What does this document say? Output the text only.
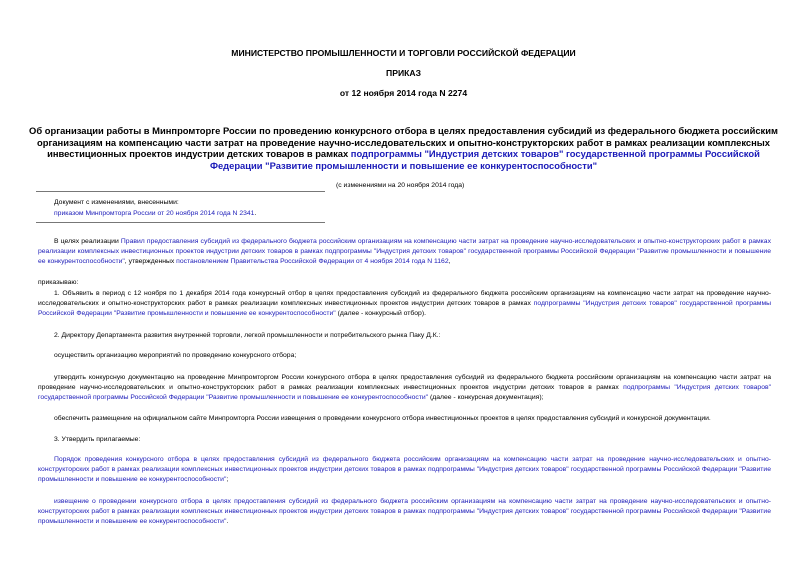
МИНИСТЕРСТВО ПРОМЫШЛЕННОСТИ И ТОРГОВЛИ РОССИЙСКОЙ ФЕДЕРАЦИИ
ПРИКАЗ
от 12 ноября 2014 года N 2274
Об организации работы в Минпромторге России по проведению конкурсного отбора в целях предоставления субсидий из федерального бюджета российским организациям на компенсацию части затрат на проведение научно-исследовательских и опытно-конструкторских работ в рамках реализации комплексных инвестиционных проектов индустрии детских товаров в рамках подпрограммы "Индустрия детских товаров" государственной программы Российской Федерации "Развитие промышленности и повышение ее конкурентоспособности"
(с изменениями на 20 ноября 2014 года)
Документ с изменениями, внесенными:
приказом Минпромторга России от 20 ноября 2014 года N 2341.
В целях реализации Правил предоставления субсидий из федерального бюджета российским организациям на компенсацию части затрат на проведение научно-исследовательских и опытно-конструкторских работ в рамках реализации комплексных инвестиционных проектов индустрии детских товаров в рамках подпрограммы "Индустрия детских товаров" государственной программы Российской Федерации "Развитие промышленности и повышение ее конкурентоспособности", утвержденных постановлением Правительства Российской Федерации от 4 ноября 2014 года N 1162,
приказываю:
1. Объявить в период с 12 ноября по 1 декабря 2014 года конкурсный отбор в целях предоставления субсидий из федерального бюджета российским организациям на компенсацию части затрат на проведение научно-исследовательских и опытно-конструкторских работ в рамках реализации комплексных инвестиционных проектов индустрии детских товаров в рамках подпрограммы "Индустрия детских товаров" государственной программы Российской Федерации "Развитие промышленности и повышение ее конкурентоспособности" (далее - конкурсный отбор).
2. Директору Департамента развития внутренней торговли, легкой промышленности и потребительского рынка Паку Д.К.:
осуществить организацию мероприятий по проведению конкурсного отбора;
утвердить конкурсную документацию на проведение Минпромторгом России конкурсного отбора в целях предоставления субсидий из федерального бюджета российским организациям на компенсацию части затрат на проведение научно-исследовательских и опытно-конструкторских работ в рамках реализации комплексных инвестиционных проектов индустрии детских товаров в рамках подпрограммы "Индустрия детских товаров" государственной программы Российской Федерации "Развитие промышленности и повышение ее конкурентоспособности" (далее - конкурсная документация);
обеспечить размещение на официальном сайте Минпромторга России извещения о проведении конкурсного отбора инвестиционных проектов в целях предоставления субсидий и конкурсной документации.
3. Утвердить прилагаемые:
Порядок проведения конкурсного отбора в целях предоставления субсидий из федерального бюджета российским организациям на компенсацию части затрат на проведение научно-исследовательских и опытно-конструкторских работ в рамках реализации комплексных инвестиционных проектов индустрии детских товаров в рамках подпрограммы "Индустрия детских товаров" государственной программы Российской Федерации "Развитие промышленности и повышение ее конкурентоспособности";
извещение о проведении конкурсного отбора в целях предоставления субсидий из федерального бюджета российским организациям на компенсацию части затрат на проведение научно-исследовательских и опытно-конструкторских работ в рамках реализации комплексных инвестиционных проектов индустрии детских товаров в рамках подпрограммы "Индустрия детских товаров" государственной программы Российской Федерации "Развитие промышленности и повышение ее конкурентоспособности".
